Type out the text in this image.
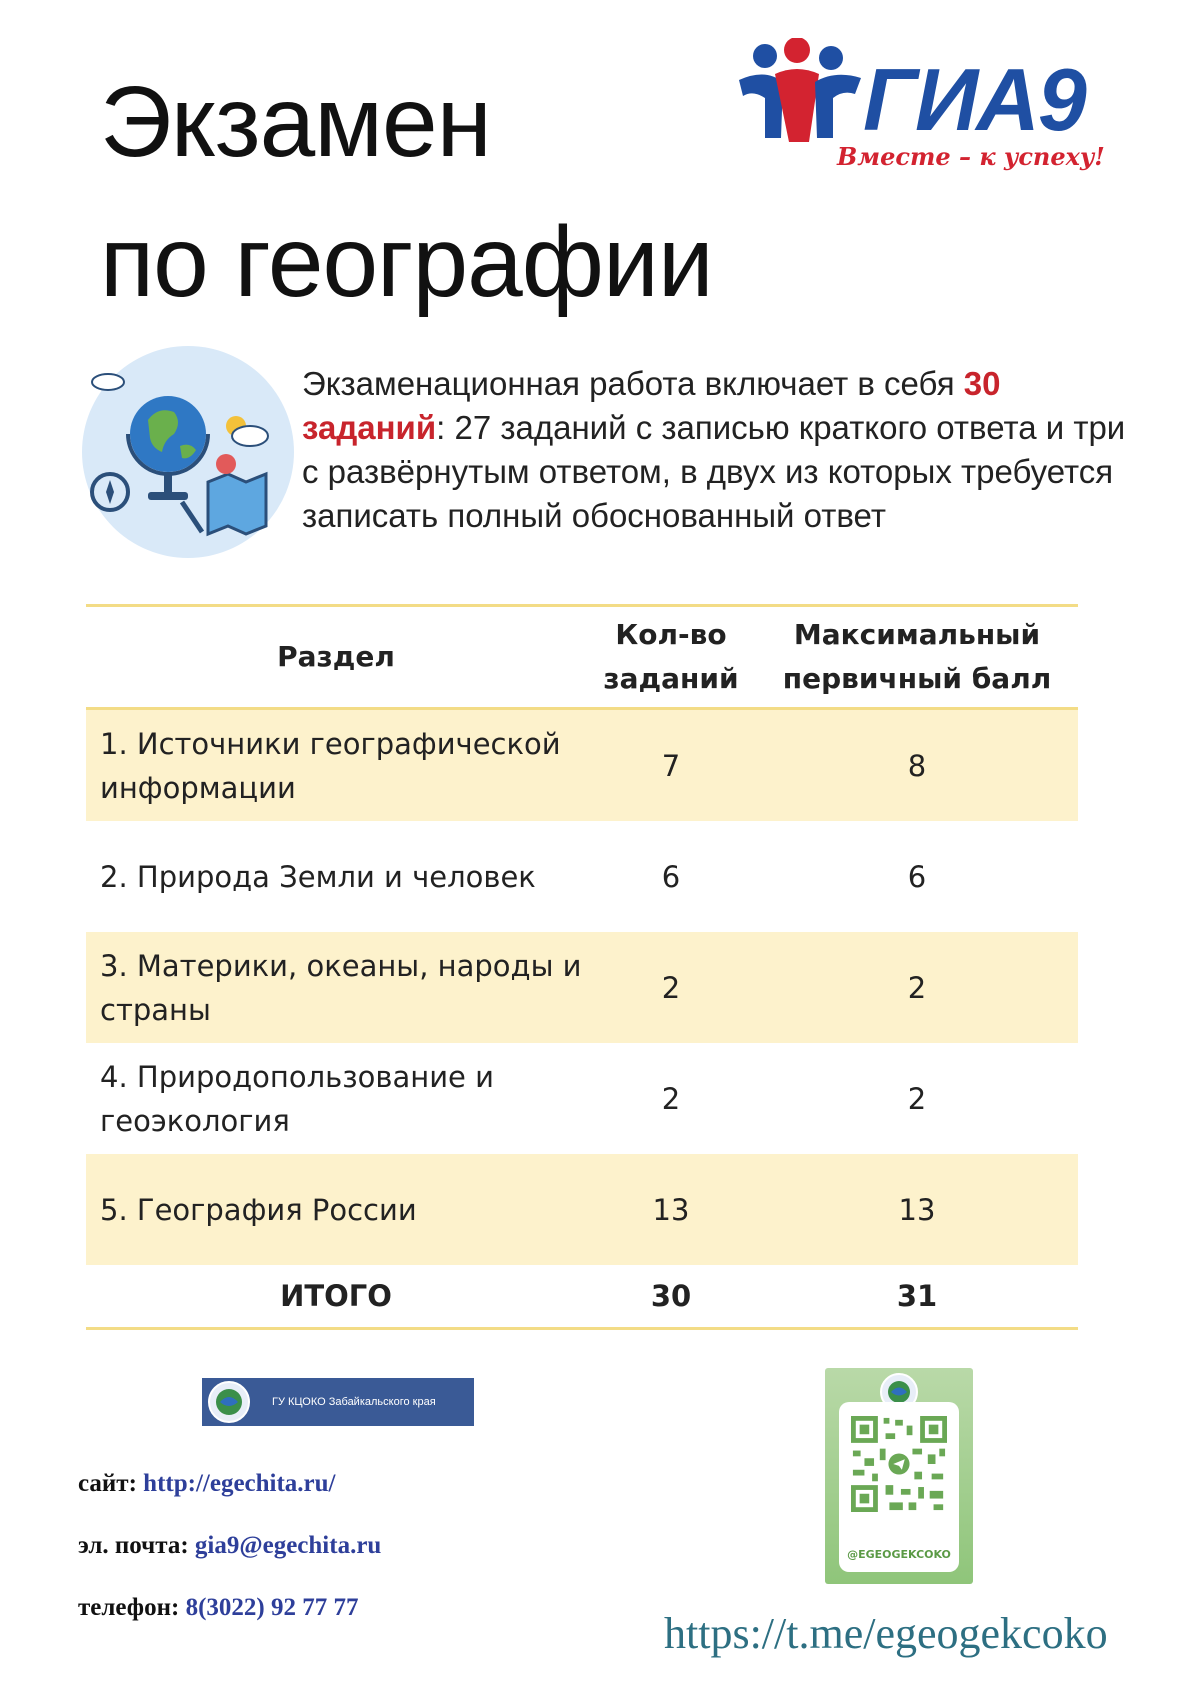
Экзамен
по географии
ГИА9
Вместе – к успеху!
Экзаменационная работа включает в себя 30 заданий: 27 заданий с записью краткого ответа и три с развёрнутым ответом, в двух из которых требуется записать полный обоснованный ответ
Раздел	Кол-во заданий	Максимальный первичный балл
1. Источники географической информации	7	8
2. Природа Земли и человек	6	6
3. Материки, океаны, народы и страны	2	2
4. Природопользование и геоэкология	2	2
5. География России	13	13
ИТОГО	30	31
ГУ КЦОКО Забайкальского края
сайт: http://egechita.ru/
эл. почта: gia9@egechita.ru
телефон: 8(3022) 92 77 77
@EGEOGEKCOKO
https://t.me/egeogekcoko
